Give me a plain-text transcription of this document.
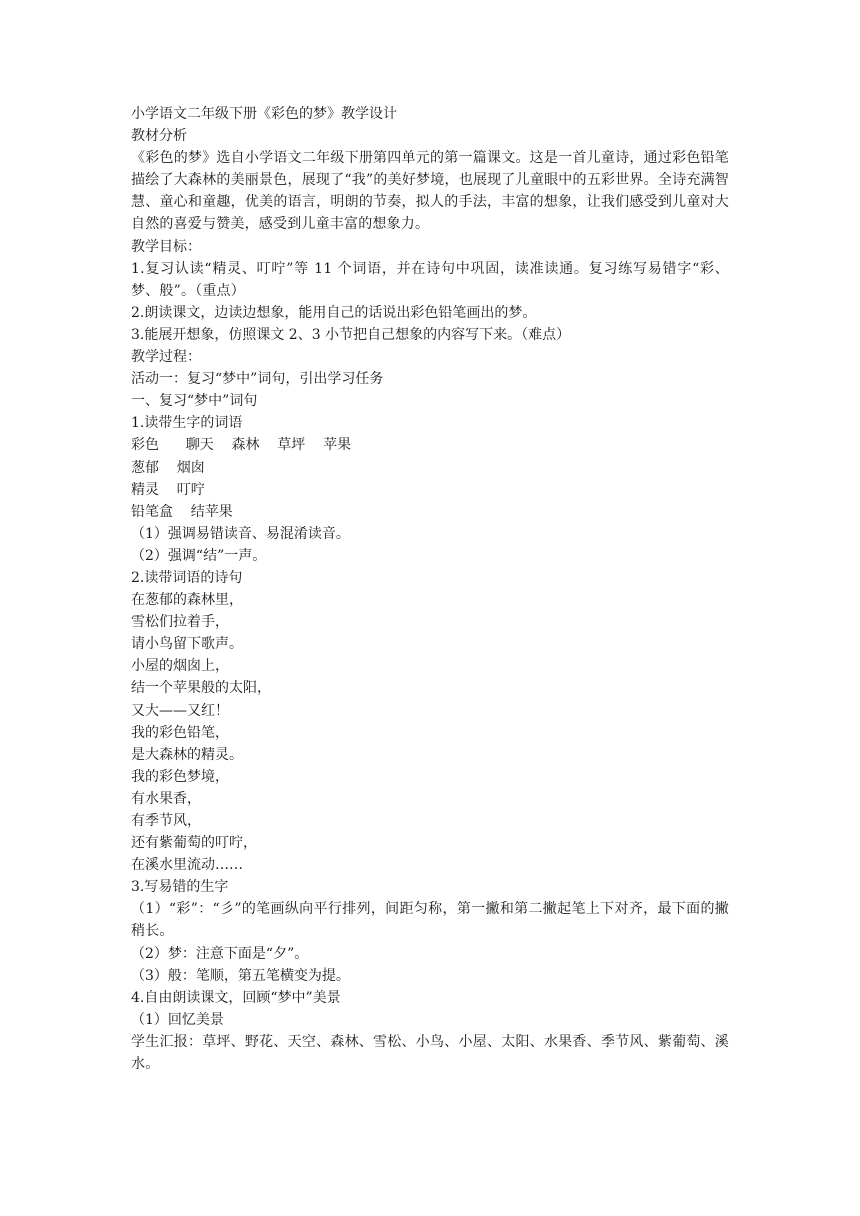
小学语文二年级下册《彩色的梦》教学设计
教材分析
《彩色的梦》选自小学语文二年级下册第四单元的第一篇课文。这是一首儿童诗，通过彩色铅笔描绘了大森林的美丽景色，展现了“我”的美好梦境，也展现了儿童眼中的五彩世界。全诗充满智慧、童心和童趣，优美的语言，明朗的节奏，拟人的手法，丰富的想象，让我们感受到儿童对大自然的喜爱与赞美，感受到儿童丰富的想象力。
教学目标：
1.复习认读“精灵、叮咛”等 11 个词语，并在诗句中巩固，读准读通。复习练写易错字“彩、梦、般”。（重点）
2.朗读课文，边读边想象，能用自己的话说出彩色铅笔画出的梦。
3.能展开想象，仿照课文 2、3 小节把自己想象的内容写下来。（难点）
教学过程：
活动一：复习“梦中”词句，引出学习任务
一、复习“梦中”词句
1.读带生字的词语
彩色      聊天    森林    草坪    苹果
葱郁    烟囱
精灵    叮咛
铅笔盒    结苹果
（1）强调易错读音、易混淆读音。
（2）强调“结”一声。
2.读带词语的诗句
在葱郁的森林里，
雪松们拉着手，
请小鸟留下歌声。
小屋的烟囱上，
结一个苹果般的太阳，
又大——又红！
我的彩色铅笔，
是大森林的精灵。
我的彩色梦境，
有水果香，
有季节风，
还有紫葡萄的叮咛，
在溪水里流动……
3.写易错的生字
（1）“彩”：“彡”的笔画纵向平行排列，间距匀称，第一撇和第二撇起笔上下对齐，最下面的撇稍长。
（2）梦：注意下面是“夕”。
（3）般：笔顺，第五笔横变为提。
4.自由朗读课文，回顾“梦中”美景
（1）回忆美景
学生汇报：草坪、野花、天空、森林、雪松、小鸟、小屋、太阳、水果香、季节风、紫葡萄、溪水。
